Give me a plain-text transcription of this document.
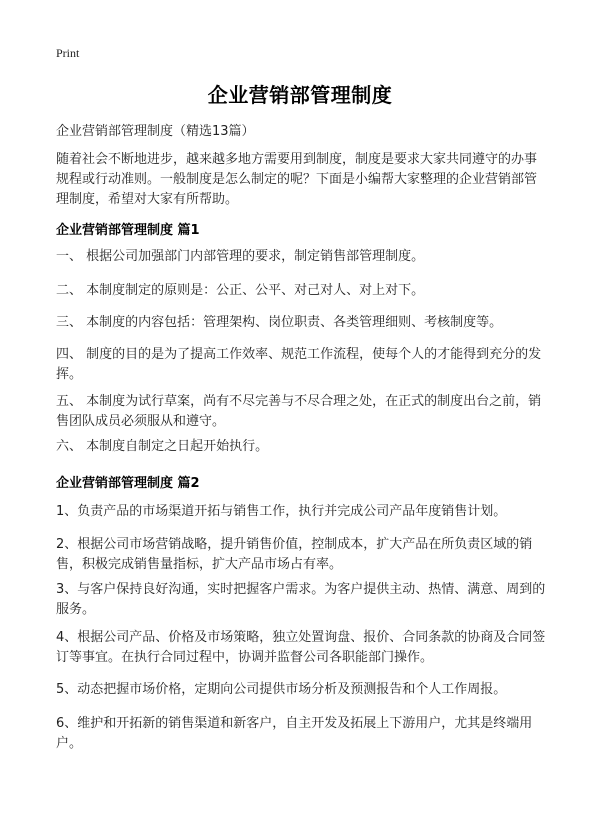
Print
企业营销部管理制度
企业营销部管理制度（精选13篇）
随着社会不断地进步，越来越多地方需要用到制度，制度是要求大家共同遵守的办事规程或行动准则。一般制度是怎么制定的呢？下面是小编帮大家整理的企业营销部管理制度，希望对大家有所帮助。
企业营销部管理制度 篇1
一、 根据公司加强部门内部管理的要求，制定销售部管理制度。
二、 本制度制定的原则是：公正、公平、对己对人、对上对下。
三、 本制度的内容包括：管理架构、岗位职责、各类管理细则、考核制度等。
四、 制度的目的是为了提高工作效率、规范工作流程，使每个人的才能得到充分的发挥。
五、 本制度为试行草案，尚有不尽完善与不尽合理之处，在正式的制度出台之前，销售团队成员必须服从和遵守。
六、 本制度自制定之日起开始执行。
企业营销部管理制度 篇2
1、负责产品的市场渠道开拓与销售工作，执行并完成公司产品年度销售计划。
2、根据公司市场营销战略，提升销售价值，控制成本，扩大产品在所负责区域的销售，积极完成销售量指标，扩大产品市场占有率。
3、与客户保持良好沟通，实时把握客户需求。为客户提供主动、热情、满意、周到的服务。
4、根据公司产品、价格及市场策略，独立处置询盘、报价、合同条款的协商及合同签订等事宜。在执行合同过程中，协调并监督公司各职能部门操作。
5、动态把握市场价格，定期向公司提供市场分析及预测报告和个人工作周报。
6、维护和开拓新的销售渠道和新客户，自主开发及拓展上下游用户，尤其是终端用户。
